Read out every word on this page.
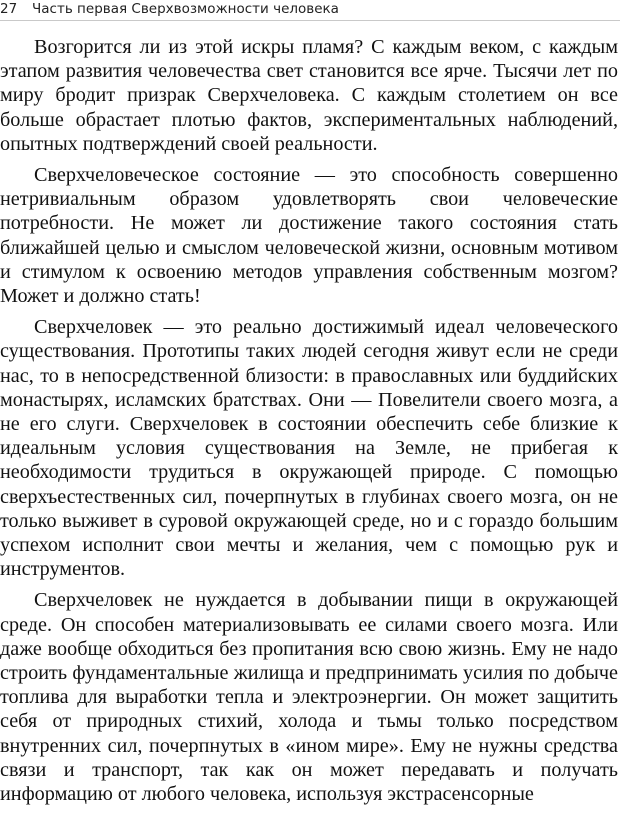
27 Часть первая Сверхвозможности человека

Возгорится ли из этой искры пламя? С каждым веком, с каждым этапом развития человечества свет становится все ярче. Тысячи лет по миру бродит призрак Сверхчеловека. С каждым столетием он все больше обрастает плотью фактов, экспериментальных наблюдений, опытных подтверждений своей реальности.

Сверхчеловеческое состояние — это способность совершенно нетривиальным образом удовлетворять свои человеческие потребности. Не может ли достижение такого состояния стать ближайшей целью и смыслом человеческой жизни, основным мотивом и стимулом к освоению методов управления собственным мозгом? Может и должно стать!

Сверхчеловек — это реально достижимый идеал человеческого существования. Прототипы таких людей сегодня живут если не среди нас, то в непосредственной близости: в православных или буддийских монастырях, исламских братствах. Они — Повелители своего мозга, а не его слуги. Сверхчеловек в состоянии обеспечить себе близкие к идеальным условия существования на Земле, не прибегая к необходимости трудиться в окружающей природе. С помощью сверхъестественных сил, почерпнутых в глубинах своего мозга, он не только выживет в суровой окружающей среде, но и с гораздо большим успехом исполнит свои мечты и желания, чем с помощью рук и инструментов.

Сверхчеловек не нуждается в добывании пищи в окружающей среде. Он способен материализовывать ее силами своего мозга. Или даже вообще обходиться без пропитания всю свою жизнь. Ему не надо строить фундаментальные жилища и предпринимать усилия по добыче топлива для выработки тепла и электроэнергии. Он может защитить себя от природных стихий, холода и тьмы только посредством внутренних сил, почерпнутых в «ином мире». Ему не нужны средства связи и транспорт, так как он может передавать и получать информацию от любого человека, используя экстрасенсорные
